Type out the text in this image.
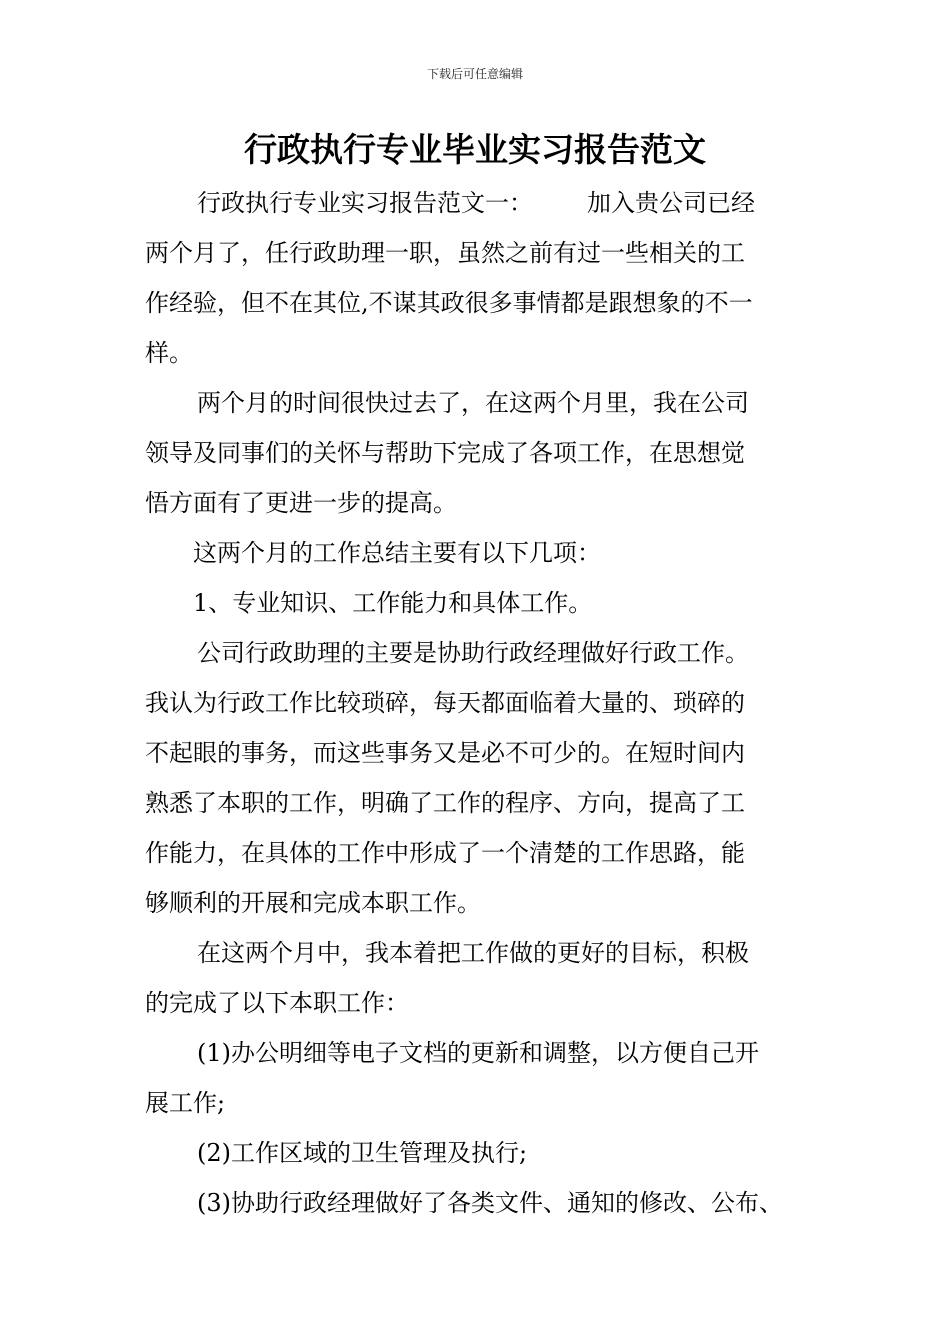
下载后可任意编辑
行政执行专业毕业实习报告范文
行政执行专业实习报告范文一： 加入贵公司已经
两个月了，任行政助理一职，虽然之前有过一些相关的工
作经验，但不在其位,不谋其政很多事情都是跟想象的不一
样。
两个月的时间很快过去了，在这两个月里，我在公司
领导及同事们的关怀与帮助下完成了各项工作，在思想觉
悟方面有了更进一步的提高。
这两个月的工作总结主要有以下几项：
1、专业知识、工作能力和具体工作。
公司行政助理的主要是协助行政经理做好行政工作。
我认为行政工作比较琐碎，每天都面临着大量的、琐碎的
不起眼的事务，而这些事务又是必不可少的。在短时间内
熟悉了本职的工作，明确了工作的程序、方向，提高了工
作能力，在具体的工作中形成了一个清楚的工作思路，能
够顺利的开展和完成本职工作。
在这两个月中，我本着把工作做的更好的目标，积极
的完成了以下本职工作：
(1)办公明细等电子文档的更新和调整，以方便自己开
展工作;
(2)工作区域的卫生管理及执行;
(3)协助行政经理做好了各类文件、通知的修改、公布、
